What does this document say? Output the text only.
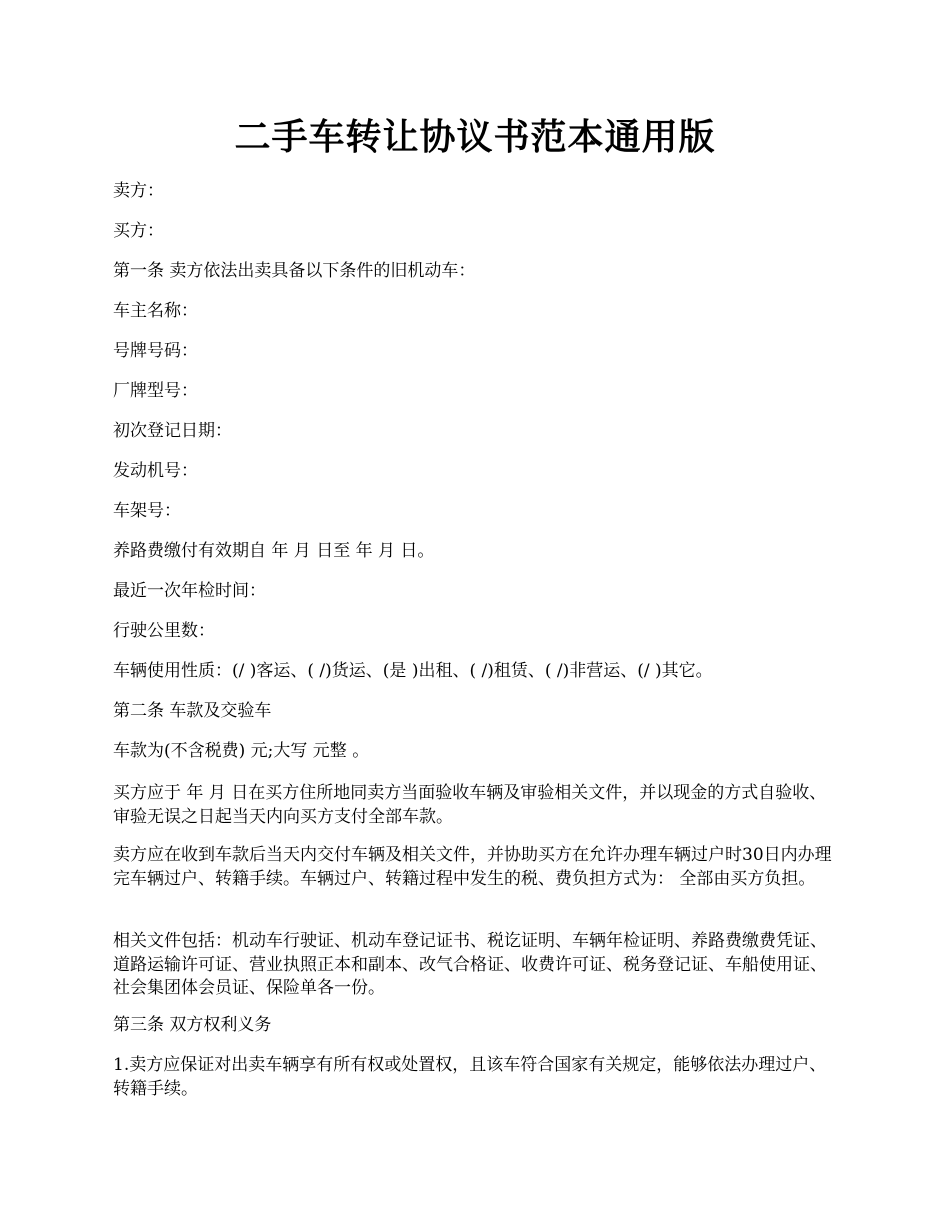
二手车转让协议书范本通用版

卖方：

买方：

第一条 卖方依法出卖具备以下条件的旧机动车：

车主名称：

号牌号码：

厂牌型号：

初次登记日期：

发动机号：

车架号：

养路费缴付有效期自 年 月 日至 年 月 日。

最近一次年检时间：

行驶公里数：

车辆使用性质：(/ )客运、( /)货运、(是 )出租、( /)租赁、( /)非营运、(/ )其它。

第二条 车款及交验车

车款为(不含税费) 元;大写 元整 。

买方应于 年 月 日在买方住所地同卖方当面验收车辆及审验相关文件，并以现金的方式自验收、审验无误之日起当天内向买方支付全部车款。

卖方应在收到车款后当天内交付车辆及相关文件，并协助买方在允许办理车辆过户时30日内办理完车辆过户、转籍手续。车辆过户、转籍过程中发生的税、费负担方式为： 全部由买方负担。

相关文件包括：机动车行驶证、机动车登记证书、税讫证明、车辆年检证明、养路费缴费凭证、道路运输许可证、营业执照正本和副本、改气合格证、收费许可证、税务登记证、车船使用证、社会集团体会员证、保险单各一份。

第三条 双方权利义务

1.卖方应保证对出卖车辆享有所有权或处置权，且该车符合国家有关规定，能够依法办理过户、转籍手续。
